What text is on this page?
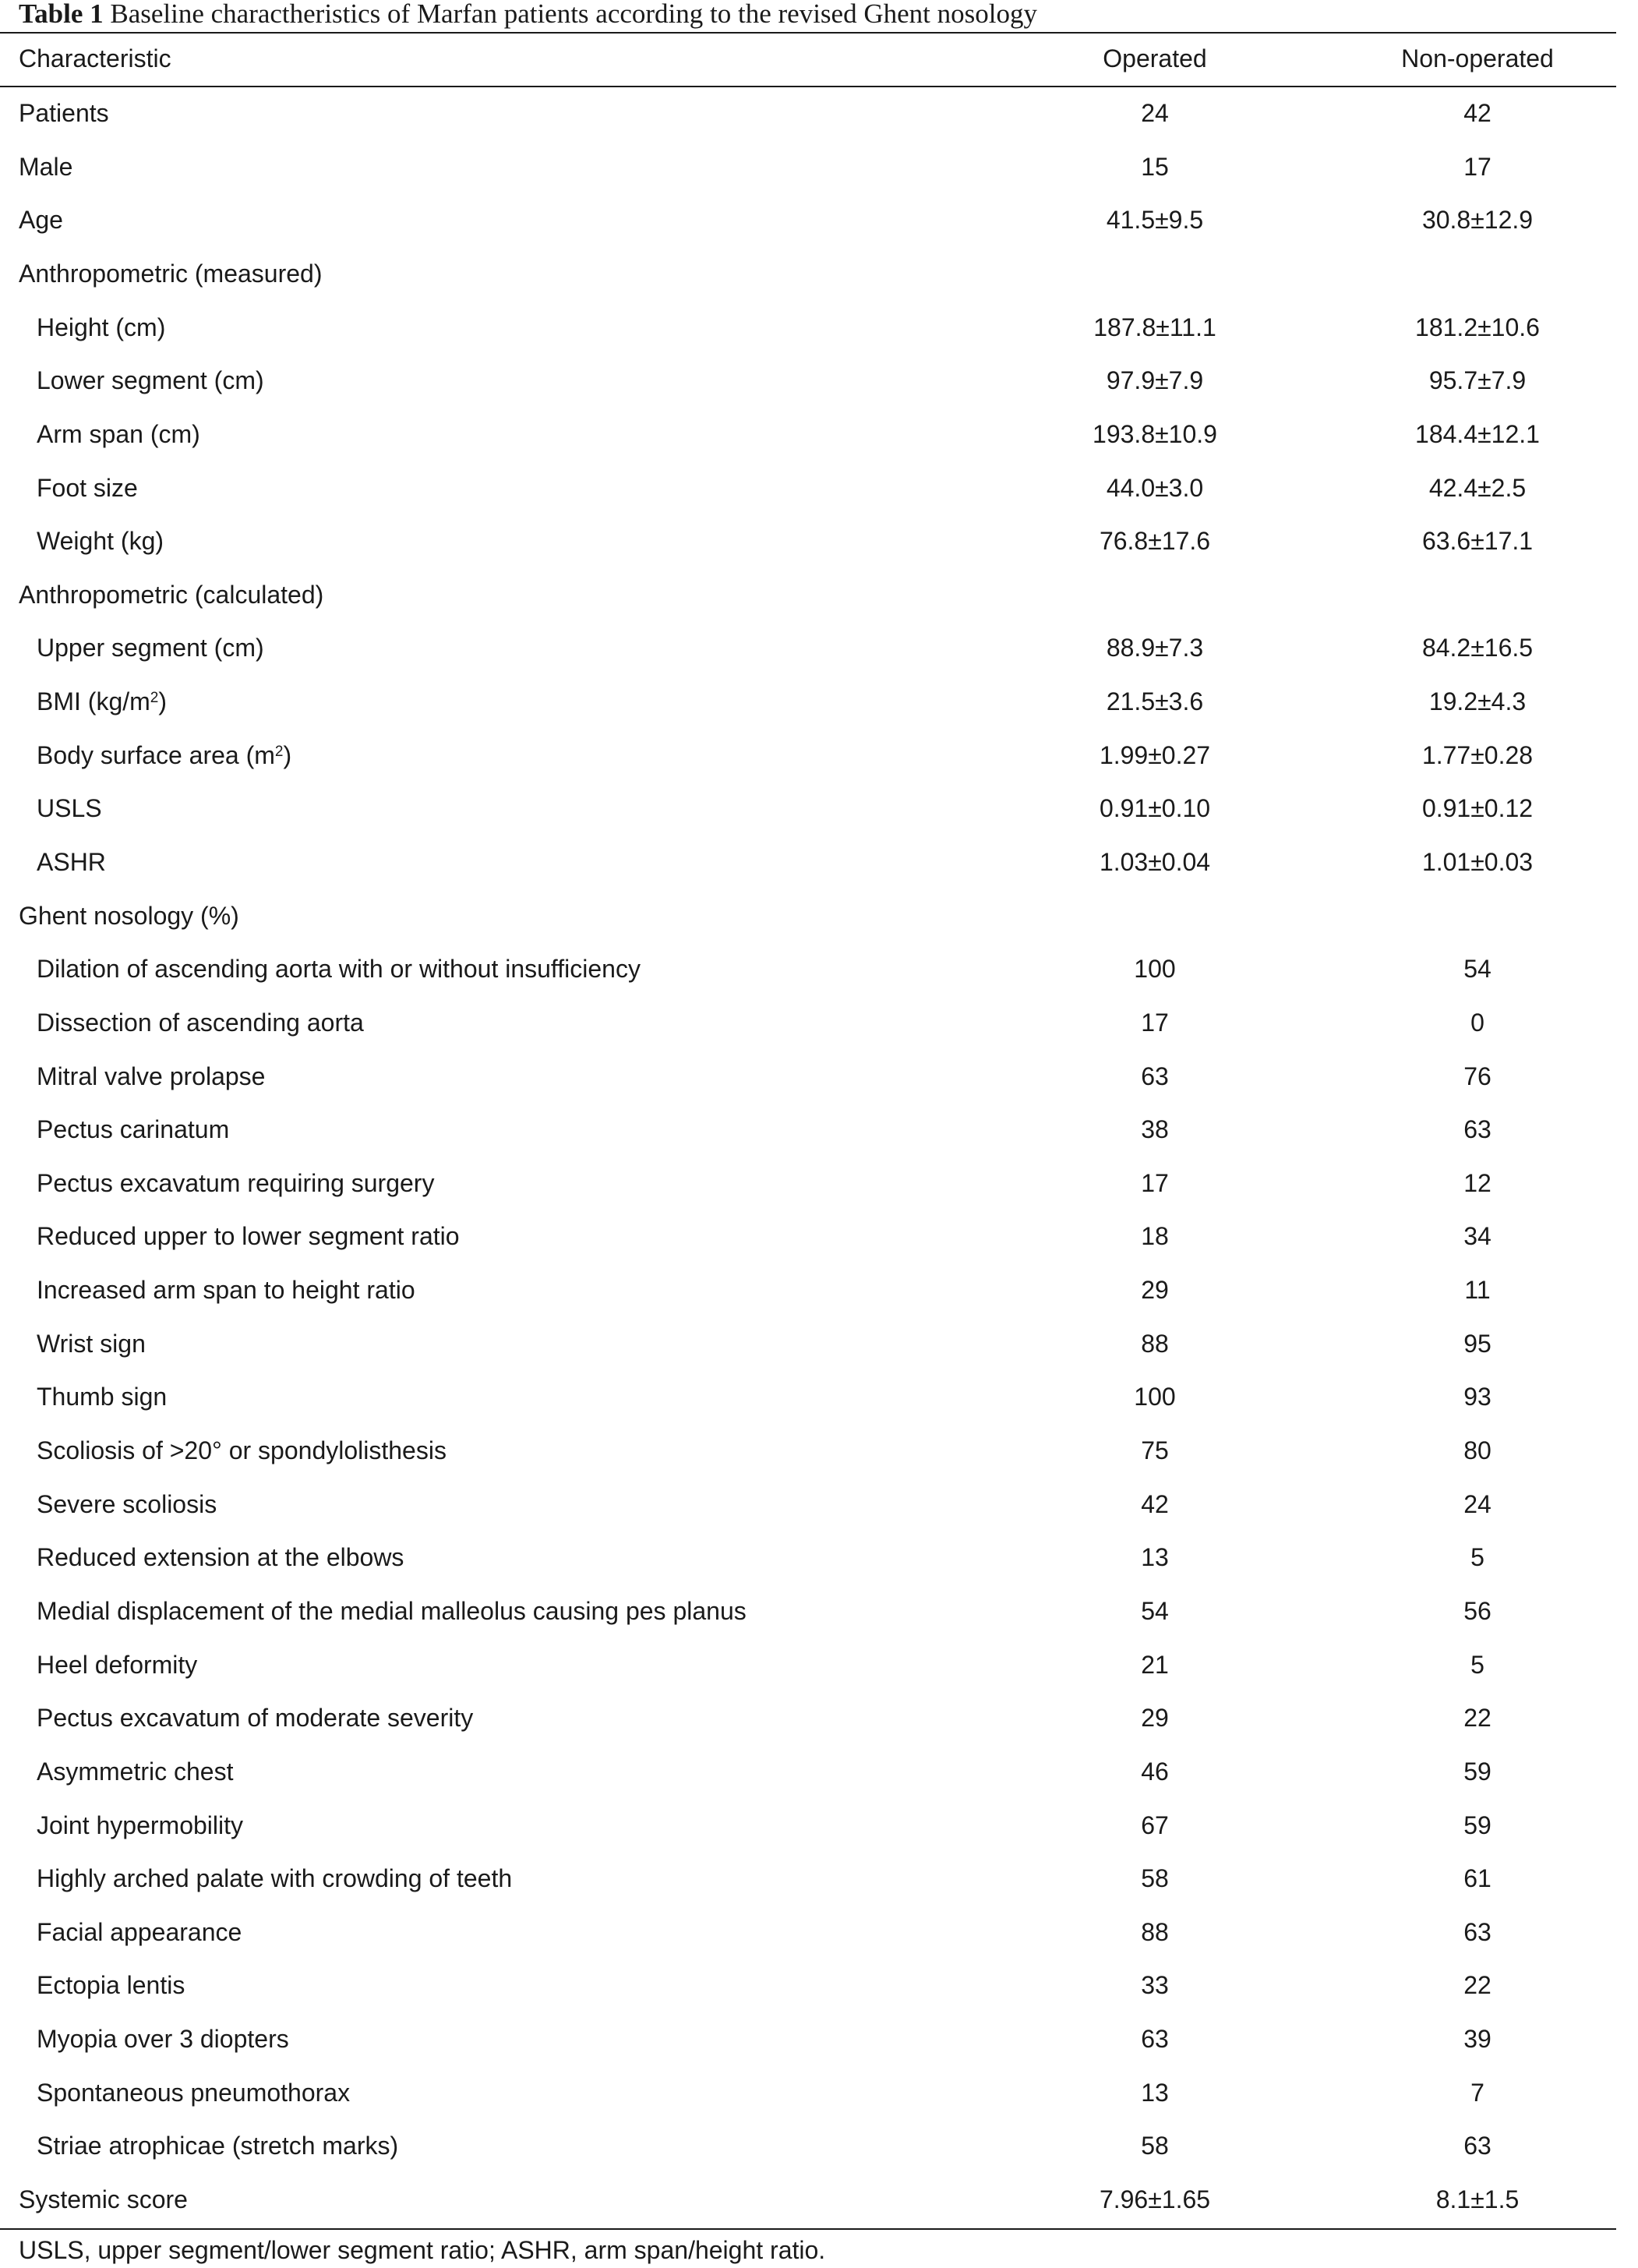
Table 1 Baseline charactheristics of Marfan patients according to the revised Ghent nosology
Characteristic	Operated	Non-operated
Patients	24	42
Male	15	17
Age	41.5±9.5	30.8±12.9
Anthropometric (measured)
Height (cm)	187.8±11.1	181.2±10.6
Lower segment (cm)	97.9±7.9	95.7±7.9
Arm span (cm)	193.8±10.9	184.4±12.1
Foot size	44.0±3.0	42.4±2.5
Weight (kg)	76.8±17.6	63.6±17.1
Anthropometric (calculated)
Upper segment (cm)	88.9±7.3	84.2±16.5
BMI $(kg/m^2)$	21.5±3.6	19.2±4.3
Body surface area $(m^2)$	1.99±0.27	1.77±0.28
USLS	0.91±0.10	0.91±0.12
ASHR	1.03±0.04	1.01±0.03
Ghent nosology (%)
Dilation of ascending aorta with or without insufficiency	100	54
Dissection of ascending aorta	17	0
Mitral valve prolapse	63	76
Pectus carinatum	38	63
Pectus excavatum requiring surgery	17	12
Reduced upper to lower segment ratio	18	34
Increased arm span to height ratio	29	11
Wrist sign	88	95
Thumb sign	100	93
Scoliosis of >20° or spondylolisthesis	75	80
Severe scoliosis	42	24
Reduced extension at the elbows	13	5
Medial displacement of the medial malleolus causing pes planus	54	56
Heel deformity	21	5
Pectus excavatum of moderate severity	29	22
Asymmetric chest	46	59
Joint hypermobility	67	59
Highly arched palate with crowding of teeth	58	61
Facial appearance	88	63
Ectopia lentis	33	22
Myopia over 3 diopters	63	39
Spontaneous pneumothorax	13	7
Striae atrophicae (stretch marks)	58	63
Systemic score	7.96±1.65	8.1±1.5
USLS, upper segment/lower segment ratio; ASHR, arm span/height ratio.
